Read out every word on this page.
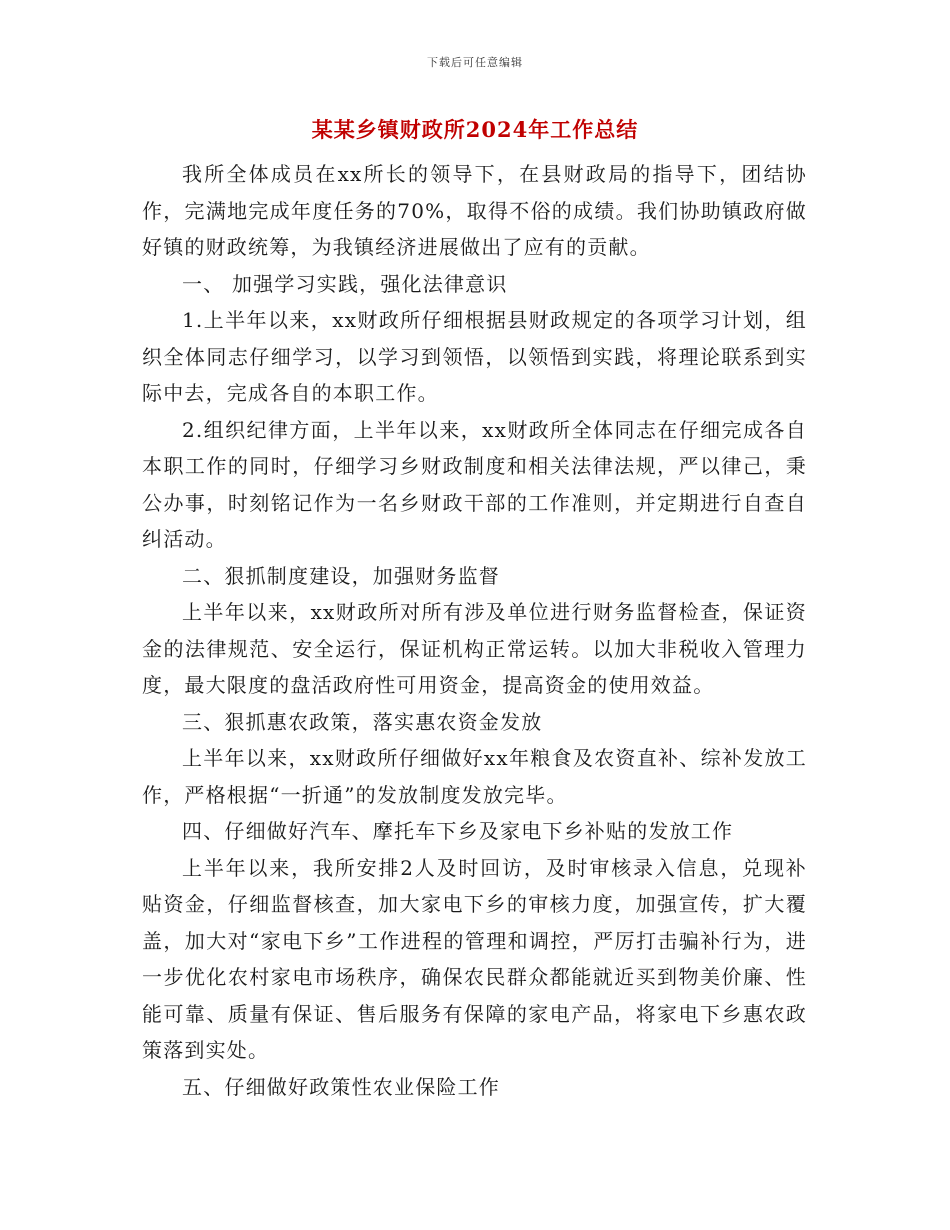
下载后可任意编辑
某某乡镇财政所2024年工作总结

我所全体成员在xx所长的领导下，在县财政局的指导下，团结协作，完满地完成年度任务的70%，取得不俗的成绩。我们协助镇政府做好镇的财政统筹，为我镇经济进展做出了应有的贡献。

一、 加强学习实践，强化法律意识

1.上半年以来，xx财政所仔细根据县财政规定的各项学习计划，组织全体同志仔细学习，以学习到领悟，以领悟到实践，将理论联系到实际中去，完成各自的本职工作。

2.组织纪律方面，上半年以来，xx财政所全体同志在仔细完成各自本职工作的同时，仔细学习乡财政制度和相关法律法规，严以律己，秉公办事，时刻铭记作为一名乡财政干部的工作准则，并定期进行自查自纠活动。

二、狠抓制度建设，加强财务监督

上半年以来，xx财政所对所有涉及单位进行财务监督检查，保证资金的法律规范、安全运行，保证机构正常运转。以加大非税收入管理力度，最大限度的盘活政府性可用资金，提高资金的使用效益。

三、狠抓惠农政策，落实惠农资金发放

上半年以来，xx财政所仔细做好xx年粮食及农资直补、综补发放工作，严格根据“一折通”的发放制度发放完毕。

四、仔细做好汽车、摩托车下乡及家电下乡补贴的发放工作

上半年以来，我所安排2人及时回访，及时审核录入信息，兑现补贴资金，仔细监督核查，加大家电下乡的审核力度，加强宣传，扩大覆盖，加大对“家电下乡”工作进程的管理和调控，严厉打击骗补行为，进一步优化农村家电市场秩序，确保农民群众都能就近买到物美价廉、性能可靠、质量有保证、售后服务有保障的家电产品，将家电下乡惠农政策落到实处。

五、仔细做好政策性农业保险工作
